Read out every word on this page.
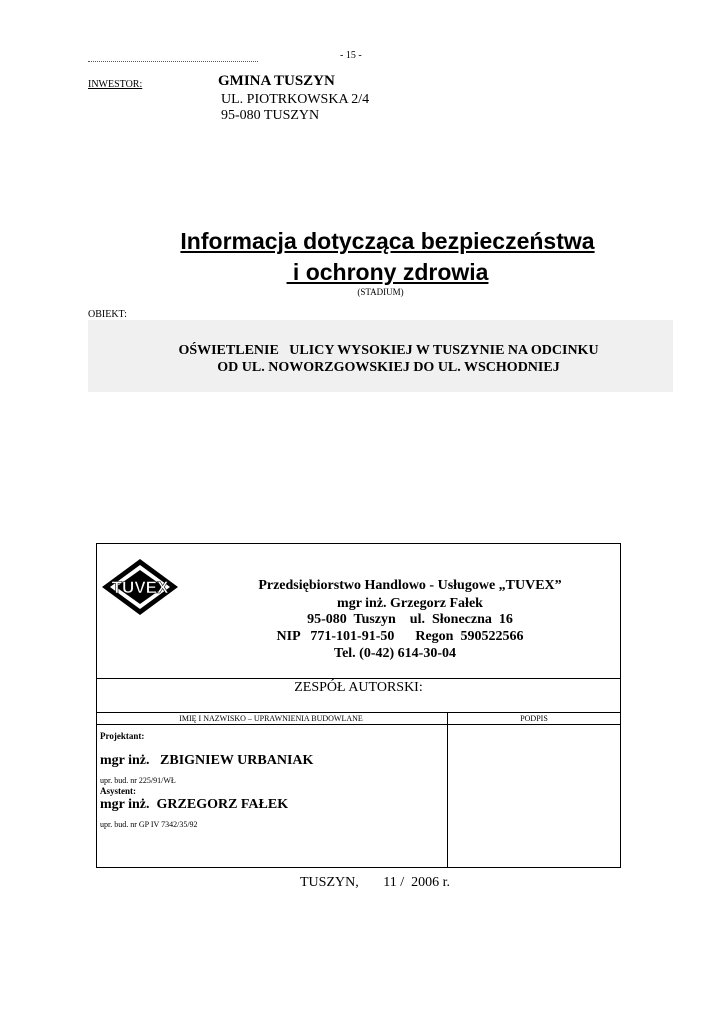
- 15 -
INWESTOR:	GMINA TUSZYN
UL. PIOTRKOWSKA 2/4
95-080 TUSZYN
Informacja dotycząca bezpieczeństwa
i ochrony zdrowia
(STADIUM)
OBIEKT:
OŚWIETLENIE   ULICY WYSOKIEJ W TUSZYNIE NA ODCINKU
OD UL. NOWORZGOWSKIEJ DO UL. WSCHODNIEJ
TUVEX	Przedsiębiorstwo Handlowo - Usługowe „TUVEX”
mgr inż. Grzegorz Fałek
95-080  Tuszyn    ul.  Słoneczna  16
NIP   771-101-91-50      Regon  590522566
Tel. (0-42) 614-30-04
ZESPÓŁ AUTORSKI:
IMIĘ I NAZWISKO – UPRAWNIENIA BUDOWLANE	PODPIS
Projektant:
mgr inż.   ZBIGNIEW URBANIAK
upr. bud. nr 225/91/WŁ
Asystent:
mgr inż.  GRZEGORZ FAŁEK
upr. bud. nr GP IV 7342/35/92
TUSZYN,       11 /  2006 r.
